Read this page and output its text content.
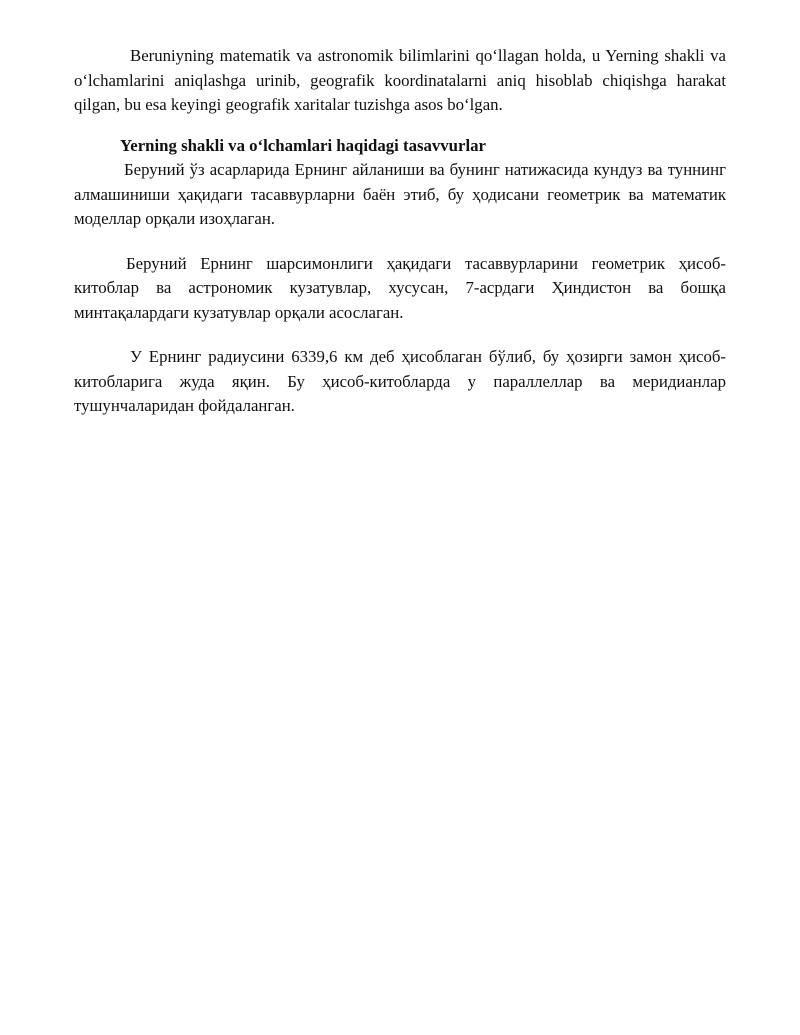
Beruniyning matematik va astronomik bilimlarini qo‘llagan holda, u Yerning shakli va o‘lchamlarini aniqlashga urinib, geografik koordinatalarni aniq hisoblab chiqishga harakat qilgan, bu esa keyingi geografik xaritalar tuzishga asos bo‘lgan.

Yerning shakli va o‘lchamlari haqidagi tasavvurlar

Беруний ўз асарларида Ернинг айланиши ва бунинг натижасида кундуз ва туннинг алмашиниши ҳақидаги тасаввурларни баён этиб, бу ҳодисани геометрик ва математик моделлар орқали изоҳлаган.

Беруний Ернинг шарсимонлиги ҳақидаги тасаввурларини геометрик ҳисоб-китоблар ва астрономик кузатувлар, хусусан, 7-асрдаги Ҳиндистон ва бошқа минтақалардаги кузатувлар орқали асослаган.

У Ернинг радиусини 6339,6 км деб ҳисоблаган бўлиб, бу ҳозирги замон ҳисоб-китобларига жуда яқин. Бу ҳисоб-китобларда у параллеллар ва меридианлар тушунчаларидан фойдаланган.
